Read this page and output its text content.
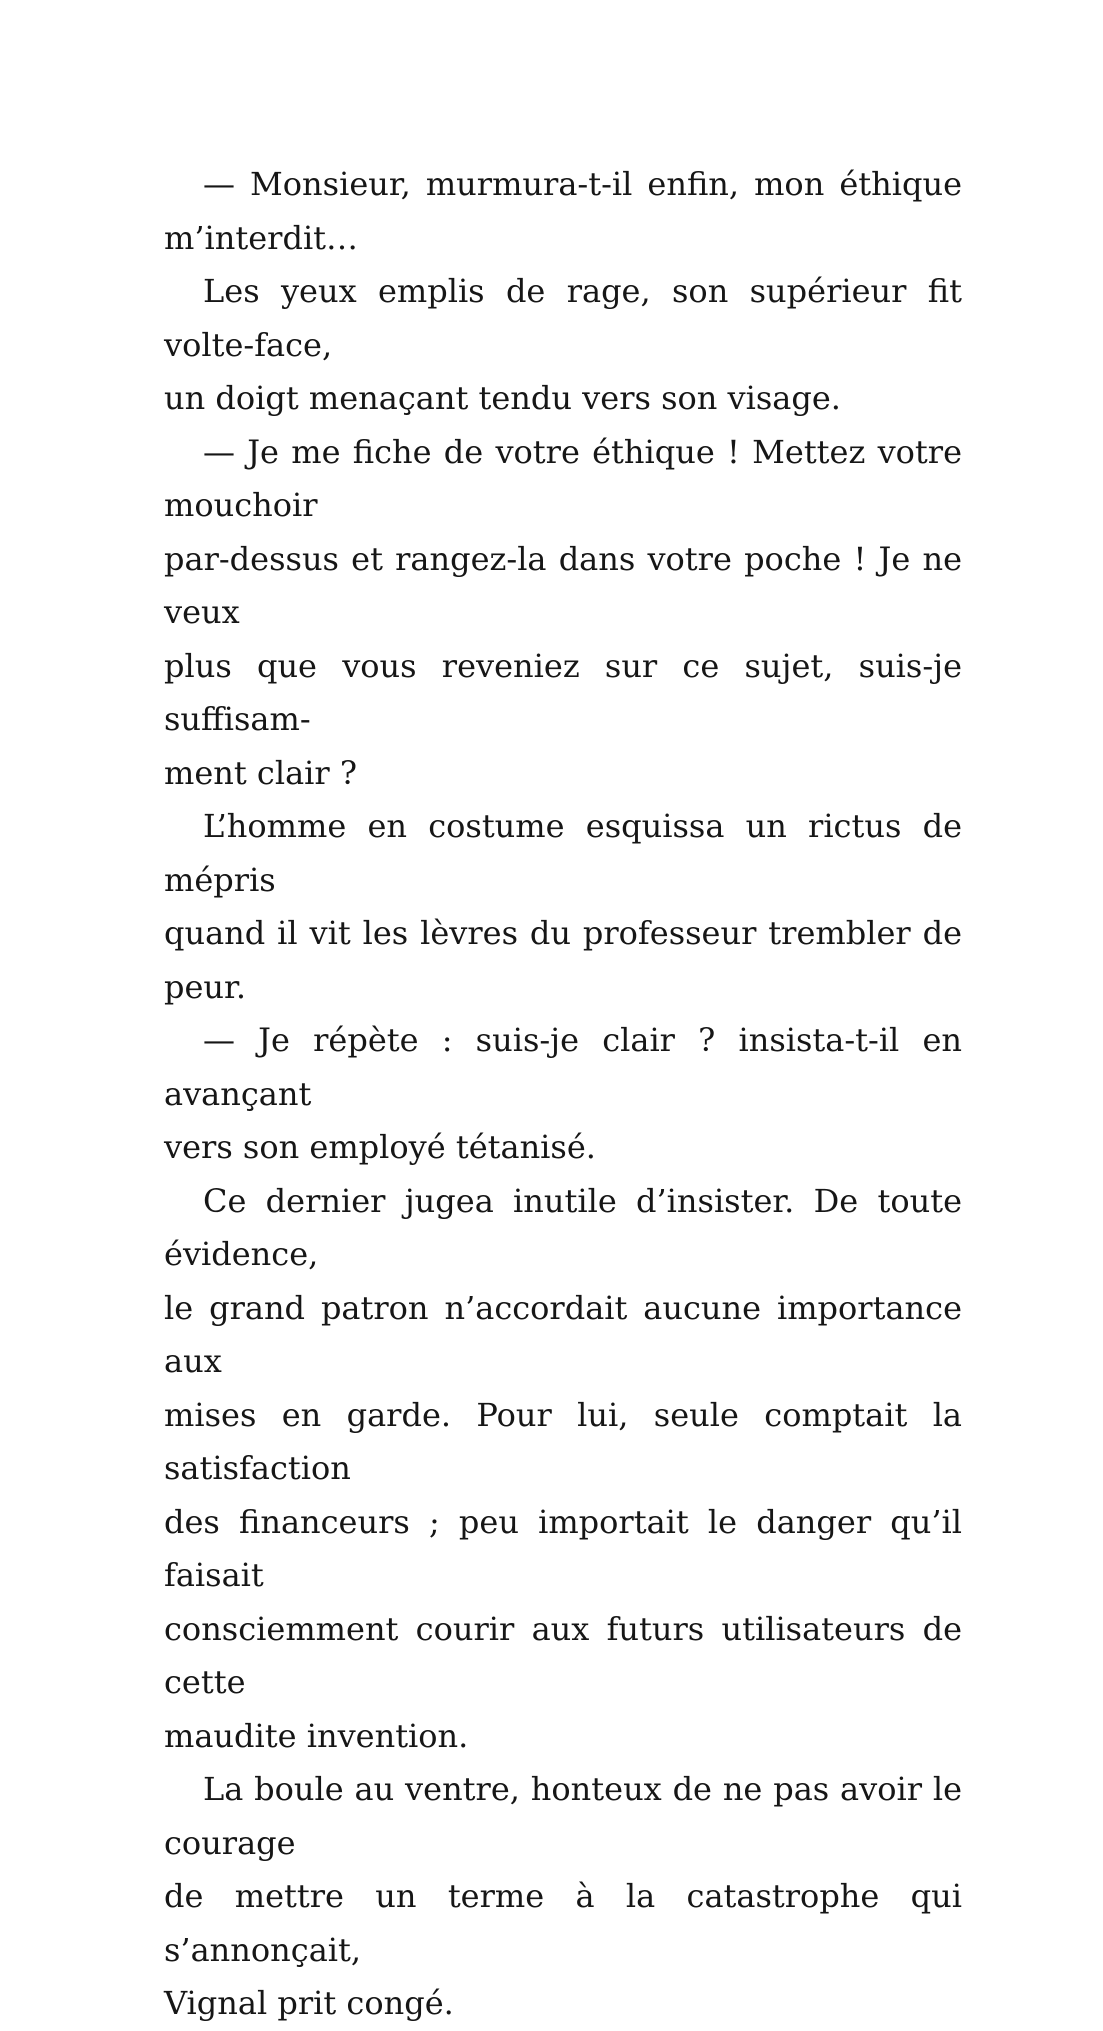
— Monsieur, murmura-t-il enfin, mon éthique
m’interdit…
Les yeux emplis de rage, son supérieur fit volte-face,
un doigt menaçant tendu vers son visage.
— Je me fiche de votre éthique ! Mettez votre mouchoir
par-dessus et rangez-la dans votre poche ! Je ne veux
plus que vous reveniez sur ce sujet, suis-je suffisam-
ment clair ?
L’homme en costume esquissa un rictus de mépris
quand il vit les lèvres du professeur trembler de peur.
— Je répète : suis-je clair ? insista-t-il en avançant
vers son employé tétanisé.
Ce dernier jugea inutile d’insister. De toute évidence,
le grand patron n’accordait aucune importance aux
mises en garde. Pour lui, seule comptait la satisfaction
des financeurs ; peu importait le danger qu’il faisait
consciemment courir aux futurs utilisateurs de cette
maudite invention.
La boule au ventre, honteux de ne pas avoir le courage
de mettre un terme à la catastrophe qui s’annonçait,
Vignal prit congé.
